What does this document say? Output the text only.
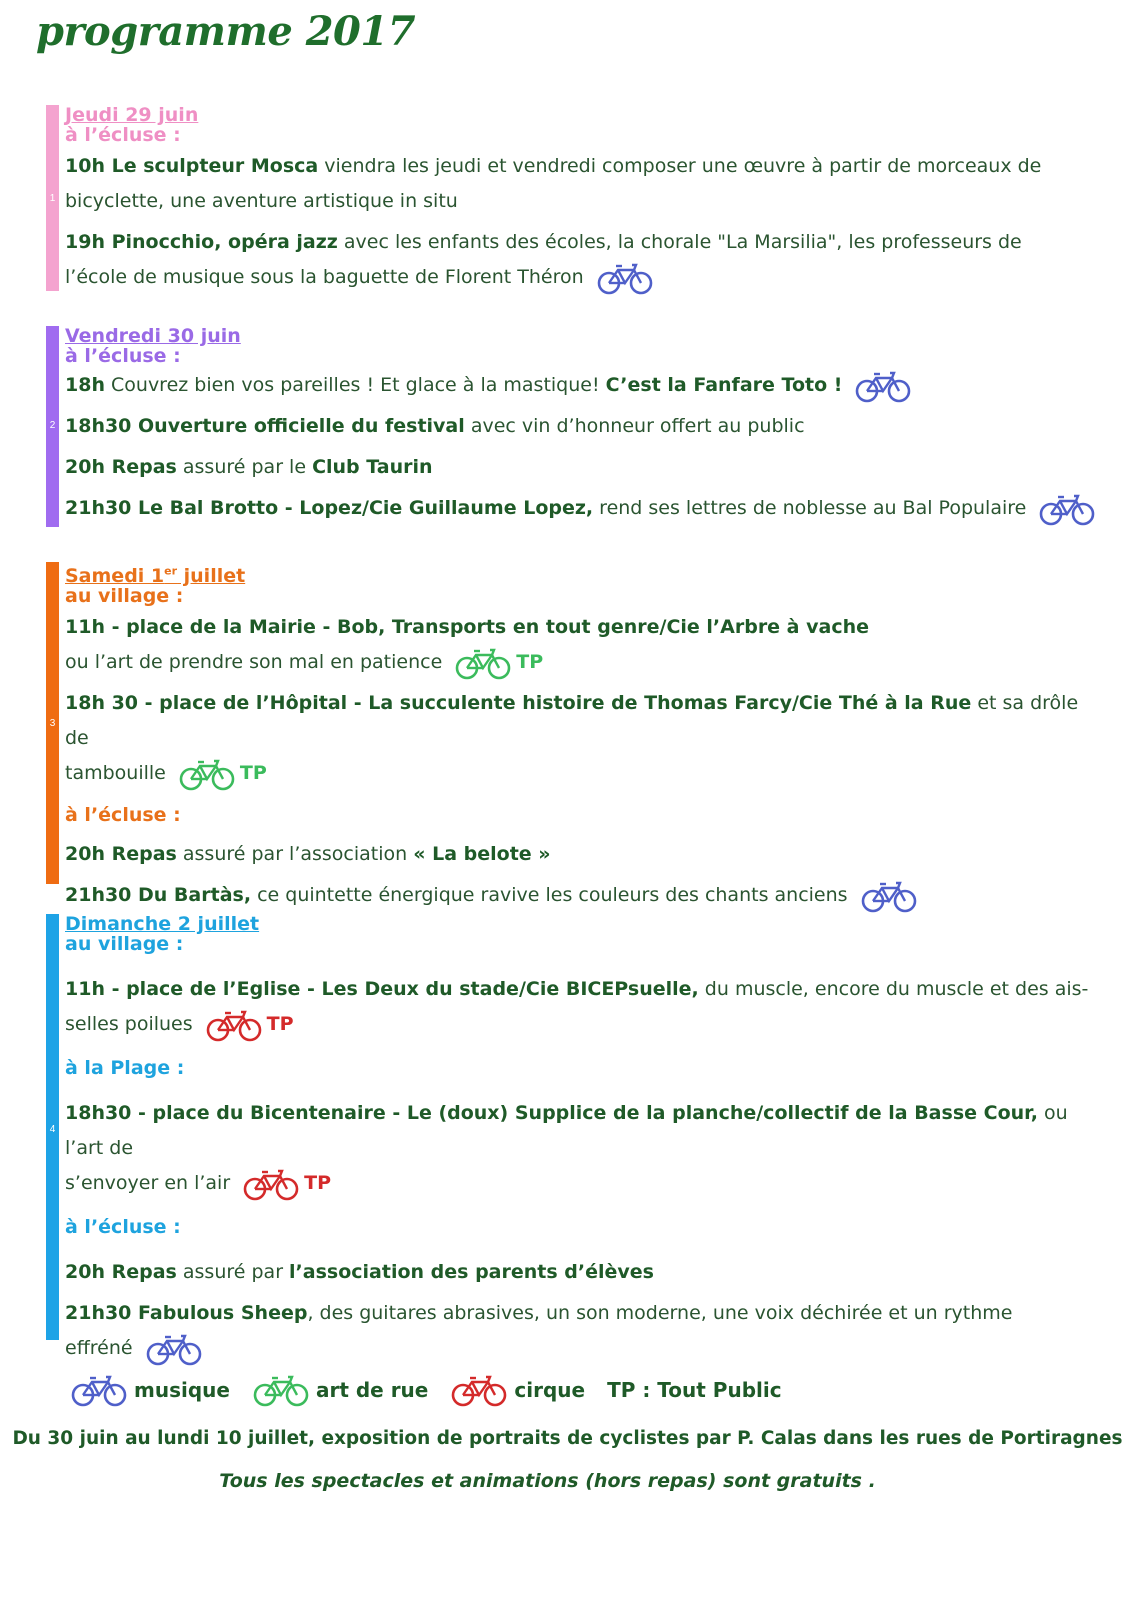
programme 2017
1

Jeudi 29 juin
à l’écluse :

10h Le sculpteur Mosca viendra les jeudi et vendredi composer une œuvre à partir de morceaux de
bicyclette, une aventure artistique in situ

19h Pinocchio, opéra jazz avec les enfants des écoles, la chorale "La Marsilia", les professeurs de
l’école de musique sous la baguette de Florent Théron

2

Vendredi 30 juin
à l’écluse :

18h Couvrez bien vos pareilles ! Et glace à la mastique! C’est la Fanfare Toto !

18h30 Ouverture officielle du festival avec vin d’honneur offert au public

20h Repas assuré par le Club Taurin

21h30 Le Bal Brotto - Lopez/Cie Guillaume Lopez, rend ses lettres de noblesse au Bal Populaire

3

Samedi 1er juillet
au village :

11h - place de la Mairie - Bob, Transports en tout genre/Cie l’Arbre à vache
ou l’art de prendre son mal en patience	TP

18h 30 - place de l’Hôpital - La succulente histoire de Thomas Farcy/Cie Thé à la Rue et sa drôle de
tambouille	TP

à l’écluse :

20h Repas assuré par l’association « La belote »

21h30 Du Bartàs, ce quintette énergique ravive les couleurs des chants anciens

4

Dimanche 2 juillet
au village :

11h - place de l’Eglise - Les Deux du stade/Cie BICEPsuelle, du muscle, encore du muscle et des ais-
selles poilues	TP

à la Plage :

18h30 - place du Bicentenaire - Le (doux) Supplice de la planche/collectif de la Basse Cour, ou l’art de
s’envoyer en l’air	TP

à l’écluse :

20h Repas assuré par l’association des parents d’élèves

21h30 Fabulous Sheep, des guitares abrasives, un son moderne, une voix déchirée et un rythme
effréné

musique	art de rue	cirque TP : Tout Public
Du 30 juin au lundi 10 juillet, exposition de portraits de cyclistes par P. Calas dans les rues de Portiragnes
Tous les spectacles et animations (hors repas) sont gratuits .
